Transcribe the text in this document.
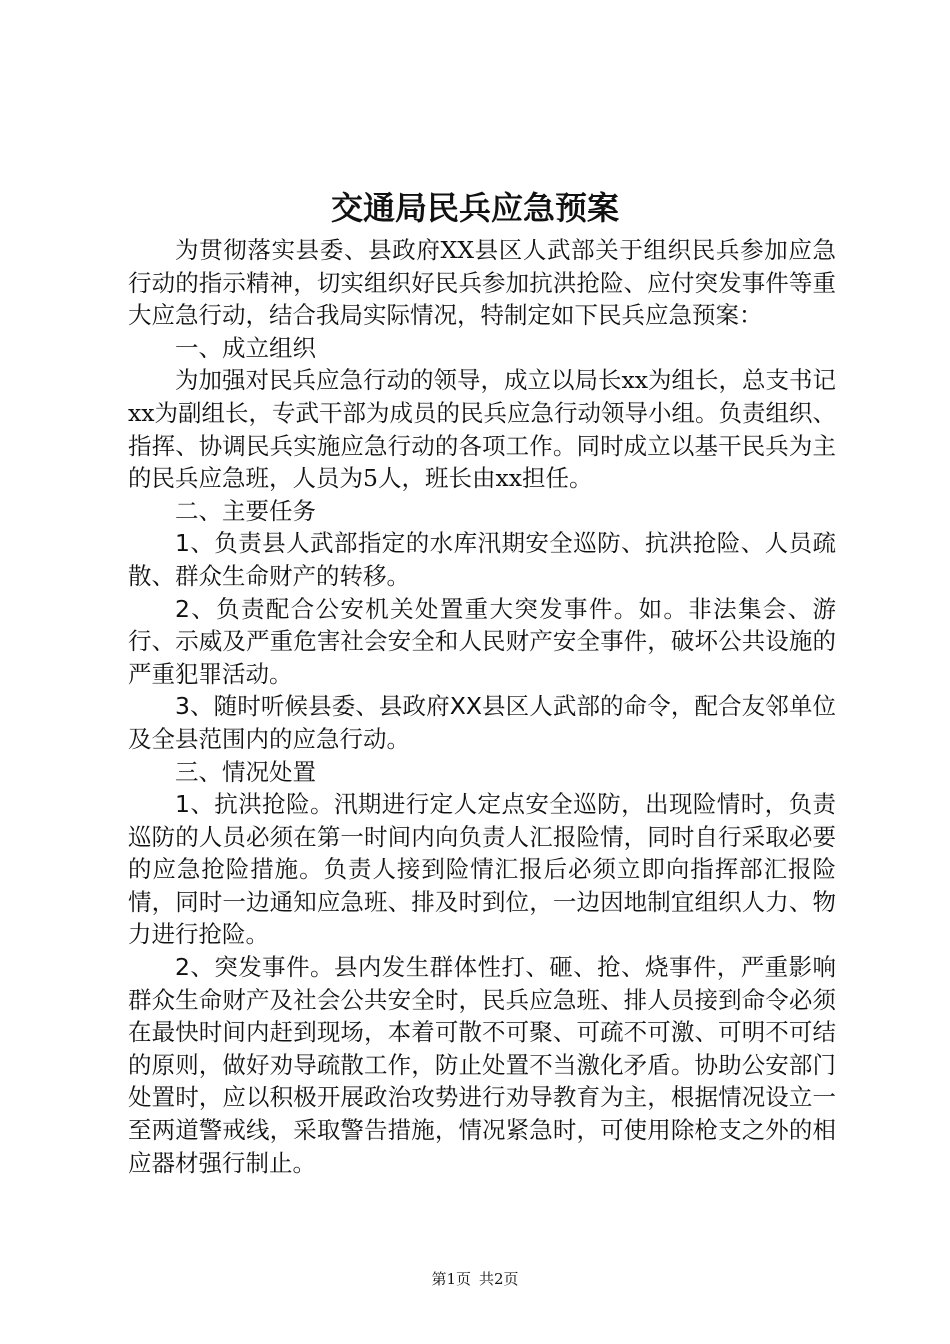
交通局民兵应急预案

为贯彻落实县委、县政府XX县区人武部关于组织民兵参加应急行动的指示精神，切实组织好民兵参加抗洪抢险、应付突发事件等重大应急行动，结合我局实际情况，特制定如下民兵应急预案：

一、成立组织

为加强对民兵应急行动的领导，成立以局长xx为组长，总支书记xx为副组长，专武干部为成员的民兵应急行动领导小组。负责组织、指挥、协调民兵实施应急行动的各项工作。同时成立以基干民兵为主的民兵应急班，人员为5人，班长由xx担任。

二、主要任务

1、负责县人武部指定的水库汛期安全巡防、抗洪抢险、人员疏散、群众生命财产的转移。

2、负责配合公安机关处置重大突发事件。如。非法集会、游行、示威及严重危害社会安全和人民财产安全事件，破坏公共设施的严重犯罪活动。

3、随时听候县委、县政府XX县区人武部的命令，配合友邻单位及全县范围内的应急行动。

三、情况处置

1、抗洪抢险。汛期进行定人定点安全巡防，出现险情时，负责巡防的人员必须在第一时间内向负责人汇报险情，同时自行采取必要的应急抢险措施。负责人接到险情汇报后必须立即向指挥部汇报险情，同时一边通知应急班、排及时到位，一边因地制宜组织人力、物力进行抢险。

2、突发事件。县内发生群体性打、砸、抢、烧事件，严重影响群众生命财产及社会公共安全时，民兵应急班、排人员接到命令必须在最快时间内赶到现场，本着可散不可聚、可疏不可激、可明不可结的原则，做好劝导疏散工作，防止处置不当激化矛盾。协助公安部门处置时，应以积极开展政治攻势进行劝导教育为主，根据情况设立一至两道警戒线，采取警告措施，情况紧急时，可使用除枪支之外的相应器材强行制止。

第1页 共2页
